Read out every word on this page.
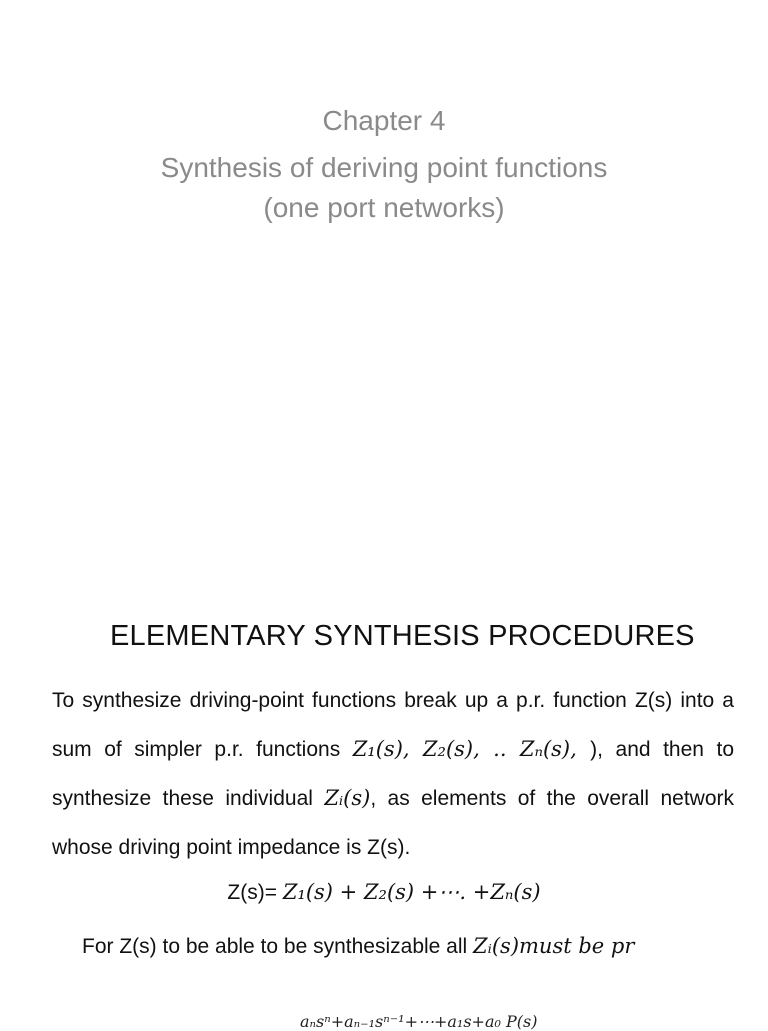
Chapter 4
Synthesis of deriving point functions
(one port networks)
ELEMENTARY SYNTHESIS PROCEDURES
To synthesize driving-point functions break up a p.r. function Z(s) into a sum of simpler p.r. functions Z₁(s), Z₂(s), .. Zₙ(s), ), and then to synthesize these individual Zᵢ(s), as elements of the overall network whose driving point impedance is Z(s).
Z(s)= Z₁(s) + Z₂(s) +⋯. +Zₙ(s)
For Z(s) to be able to be synthesizable all Zᵢ(s)must be pr
aₙsⁿ+aₙ₋₁sⁿ⁻¹+⋯+a₁s+a₀ P(s)
